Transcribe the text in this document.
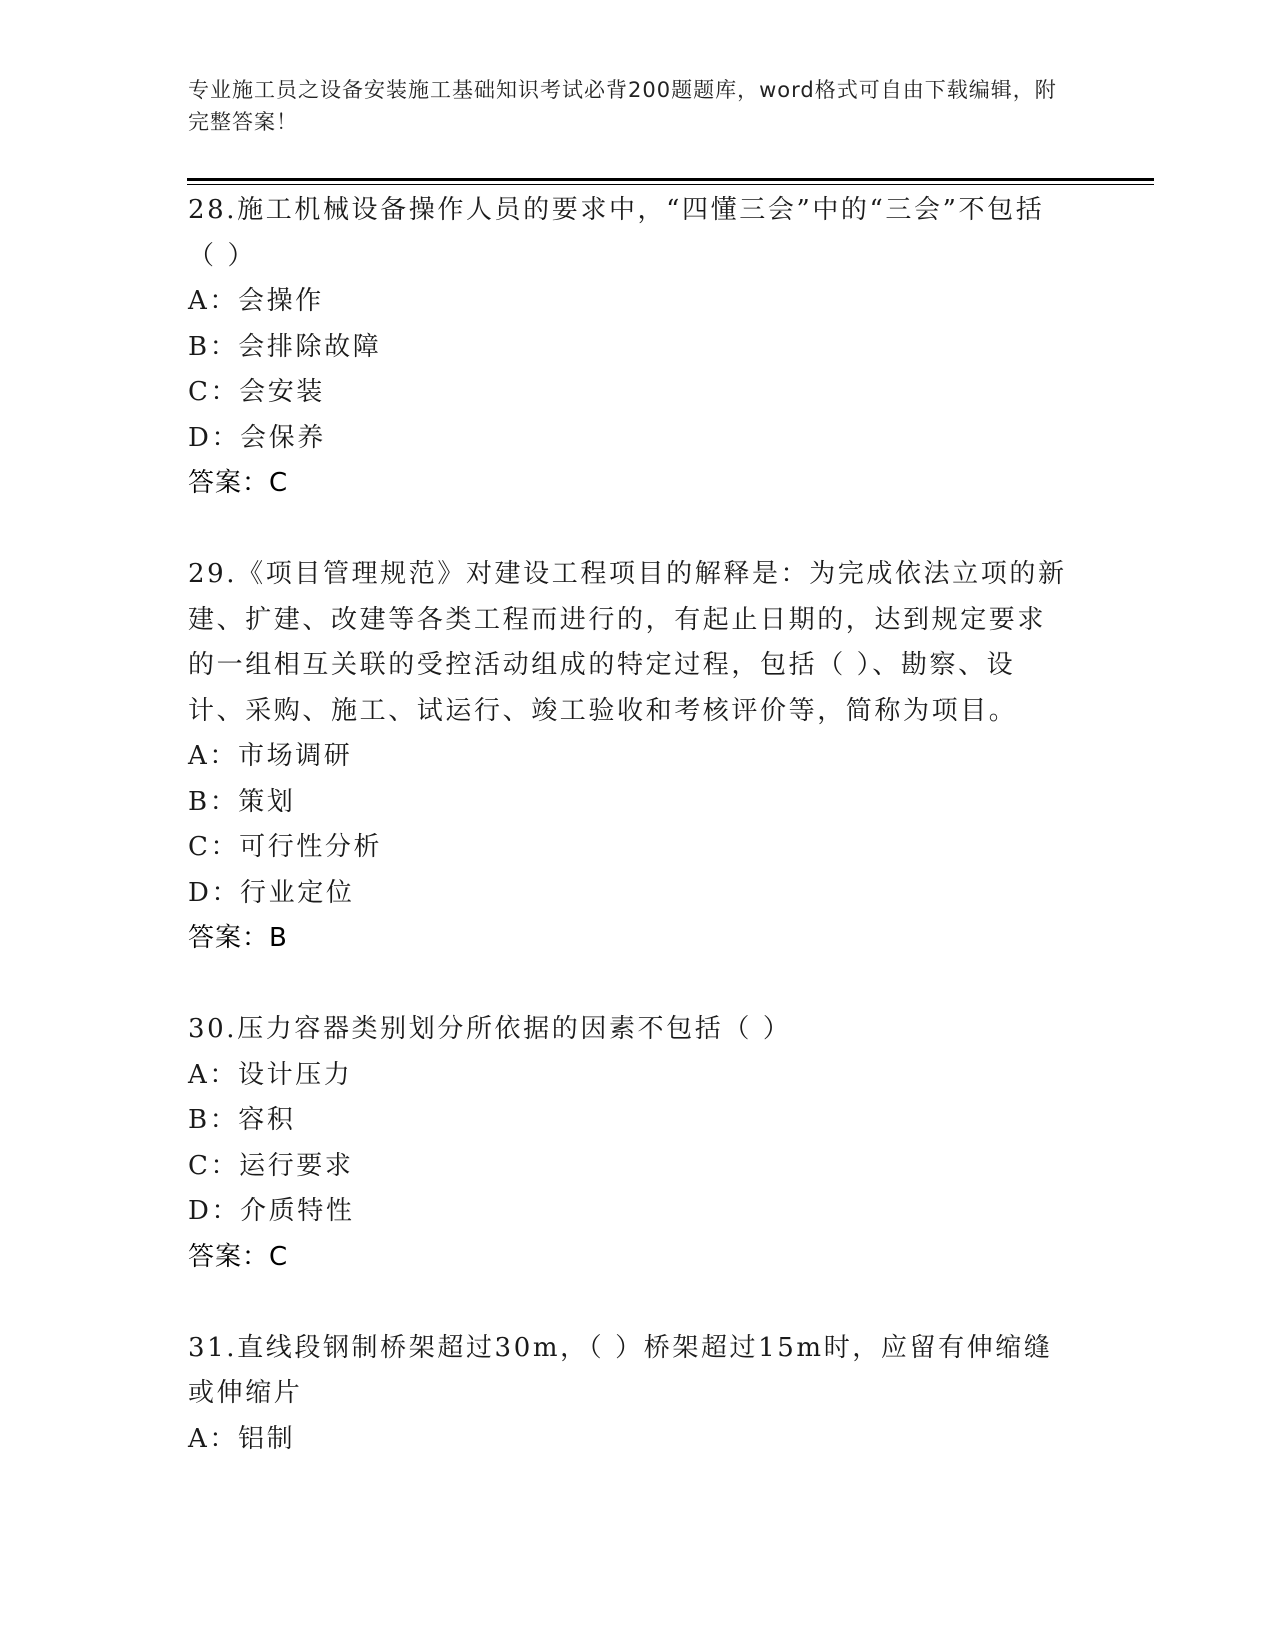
专业施工员之设备安装施工基础知识考试必背200题题库，word格式可自由下载编辑，附完整答案！

28.施工机械设备操作人员的要求中，“四懂三会”中的“三会”不包括（ ）

A：会操作

B：会排除故障

C：会安装

D：会保养

答案：C

29.《项目管理规范》对建设工程项目的解释是：为完成依法立项的新建、扩建、改建等各类工程而进行的，有起止日期的，达到规定要求的一组相互关联的受控活动组成的特定过程，包括（ ）、勘察、设计、采购、施工、试运行、竣工验收和考核评价等，简称为项目。

A：市场调研

B：策划

C：可行性分析

D：行业定位

答案：B

30.压力容器类别划分所依据的因素不包括（ ）

A：设计压力

B：容积

C：运行要求

D：介质特性

答案：C

31.直线段钢制桥架超过30m，（ ）桥架超过15m时，应留有伸缩缝或伸缩片

A：铝制
